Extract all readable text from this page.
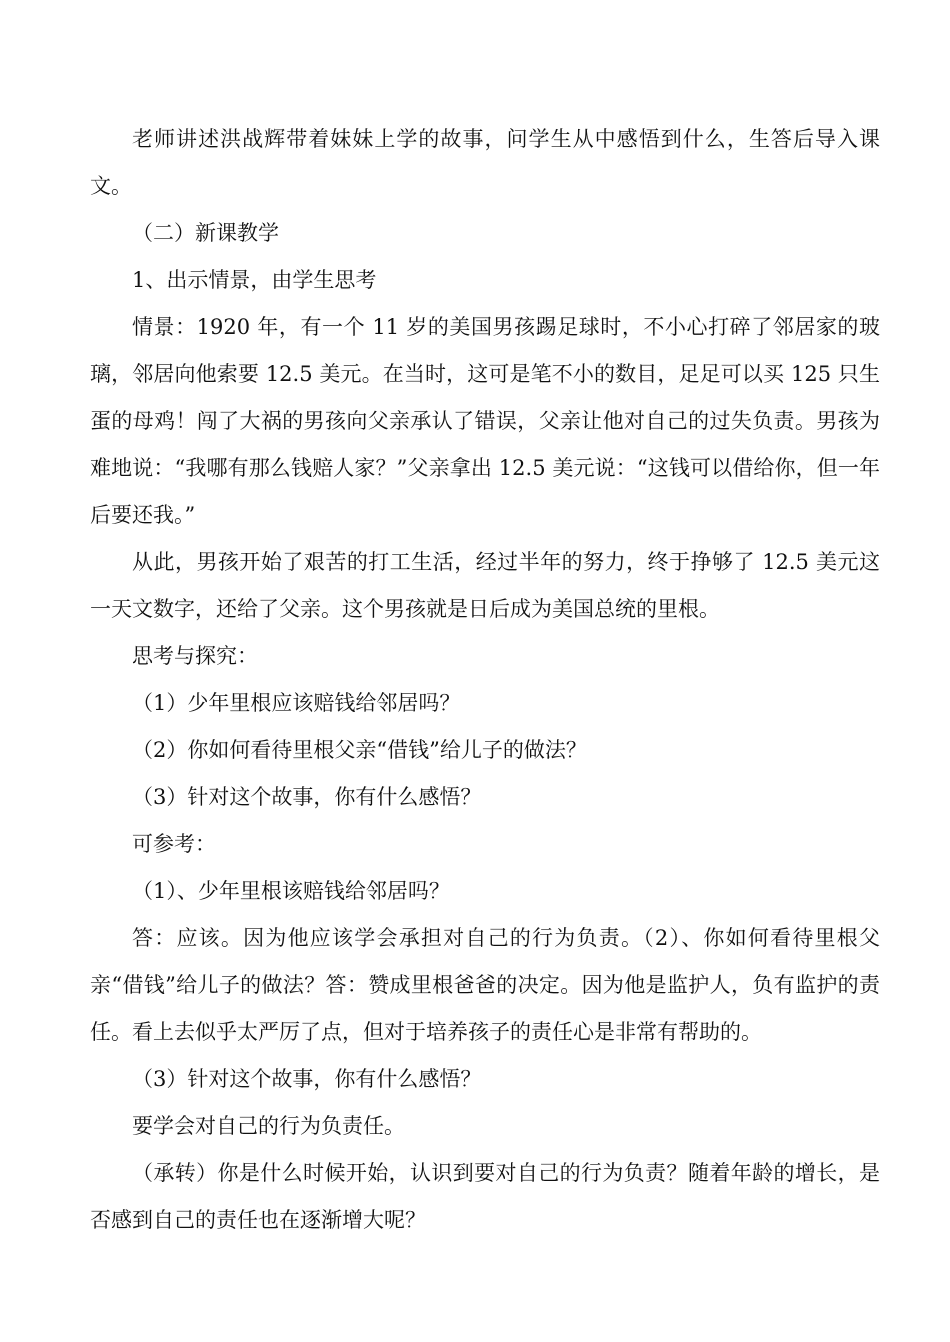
老师讲述洪战辉带着妹妹上学的故事，问学生从中感悟到什么，生答后导入课文。

（二）新课教学

1、出示情景，由学生思考

情景：1920 年，有一个 11 岁的美国男孩踢足球时，不小心打碎了邻居家的玻璃，邻居向他索要 12.5 美元。在当时，这可是笔不小的数目，足足可以买 125 只生蛋的母鸡！闯了大祸的男孩向父亲承认了错误，父亲让他对自己的过失负责。男孩为难地说：“我哪有那么钱赔人家？”父亲拿出 12.5 美元说：“这钱可以借给你，但一年后要还我。”

从此，男孩开始了艰苦的打工生活，经过半年的努力，终于挣够了 12.5 美元这一天文数字，还给了父亲。这个男孩就是日后成为美国总统的里根。

思考与探究：

（1）少年里根应该赔钱给邻居吗？

（2）你如何看待里根父亲“借钱”给儿子的做法？

（3）针对这个故事，你有什么感悟？

可参考：

（1）、少年里根该赔钱给邻居吗？

答：应该。因为他应该学会承担对自己的行为负责。（2）、你如何看待里根父亲“借钱”给儿子的做法？答：赞成里根爸爸的决定。因为他是监护人，负有监护的责任。看上去似乎太严厉了点，但对于培养孩子的责任心是非常有帮助的。

（3）针对这个故事，你有什么感悟？

要学会对自己的行为负责任。

（承转）你是什么时候开始，认识到要对自己的行为负责？随着年龄的增长，是否感到自己的责任也在逐渐增大呢？
